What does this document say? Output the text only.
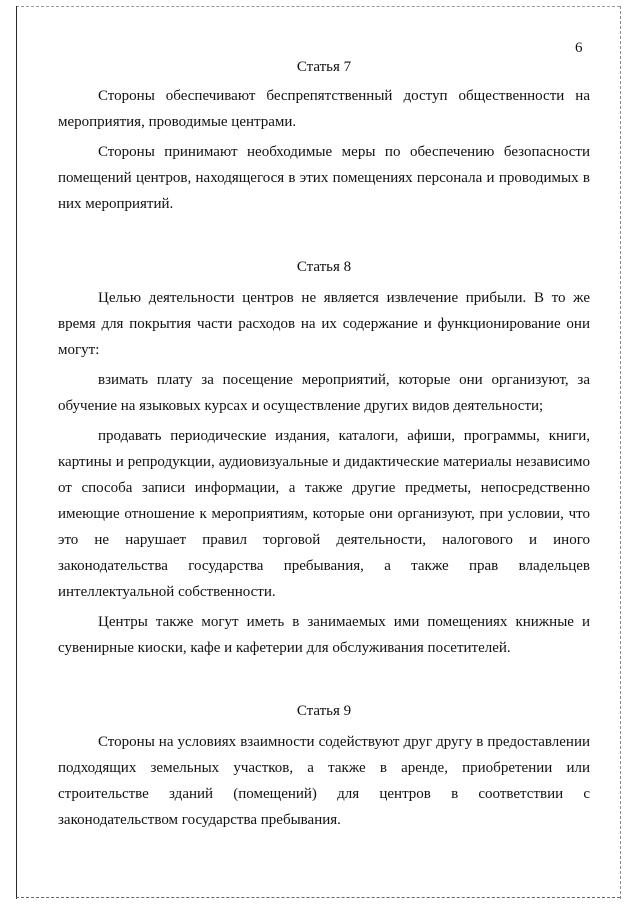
6
Статья 7

Стороны обеспечивают беспрепятственный доступ общественности на мероприятия, проводимые центрами.

Стороны принимают необходимые меры по обеспечению безопасности помещений центров, находящегося в этих помещениях персонала и проводимых в них мероприятий.

Статья 8

Целью деятельности центров не является извлечение прибыли. В то же время для покрытия части расходов на их содержание и функционирование они могут:

взимать плату за посещение мероприятий, которые они организуют, за обучение на языковых курсах и осуществление других видов деятельности;

продавать периодические издания, каталоги, афиши, программы, книги, картины и репродукции, аудиовизуальные и дидактические материалы независимо от способа записи информации, а также другие предметы, непосредственно имеющие отношение к мероприятиям, которые они организуют, при условии, что это не нарушает правил торговой деятельности, налогового и иного законодательства государства пребывания, а также прав владельцев интеллектуальной собственности.

Центры также могут иметь в занимаемых ими помещениях книжные и сувенирные киоски, кафе и кафетерии для обслуживания посетителей.

Статья 9

Стороны на условиях взаимности содействуют друг другу в предоставлении подходящих земельных участков, а также в аренде, приобретении или строительстве зданий (помещений) для центров в соответствии с законодательством государства пребывания.
